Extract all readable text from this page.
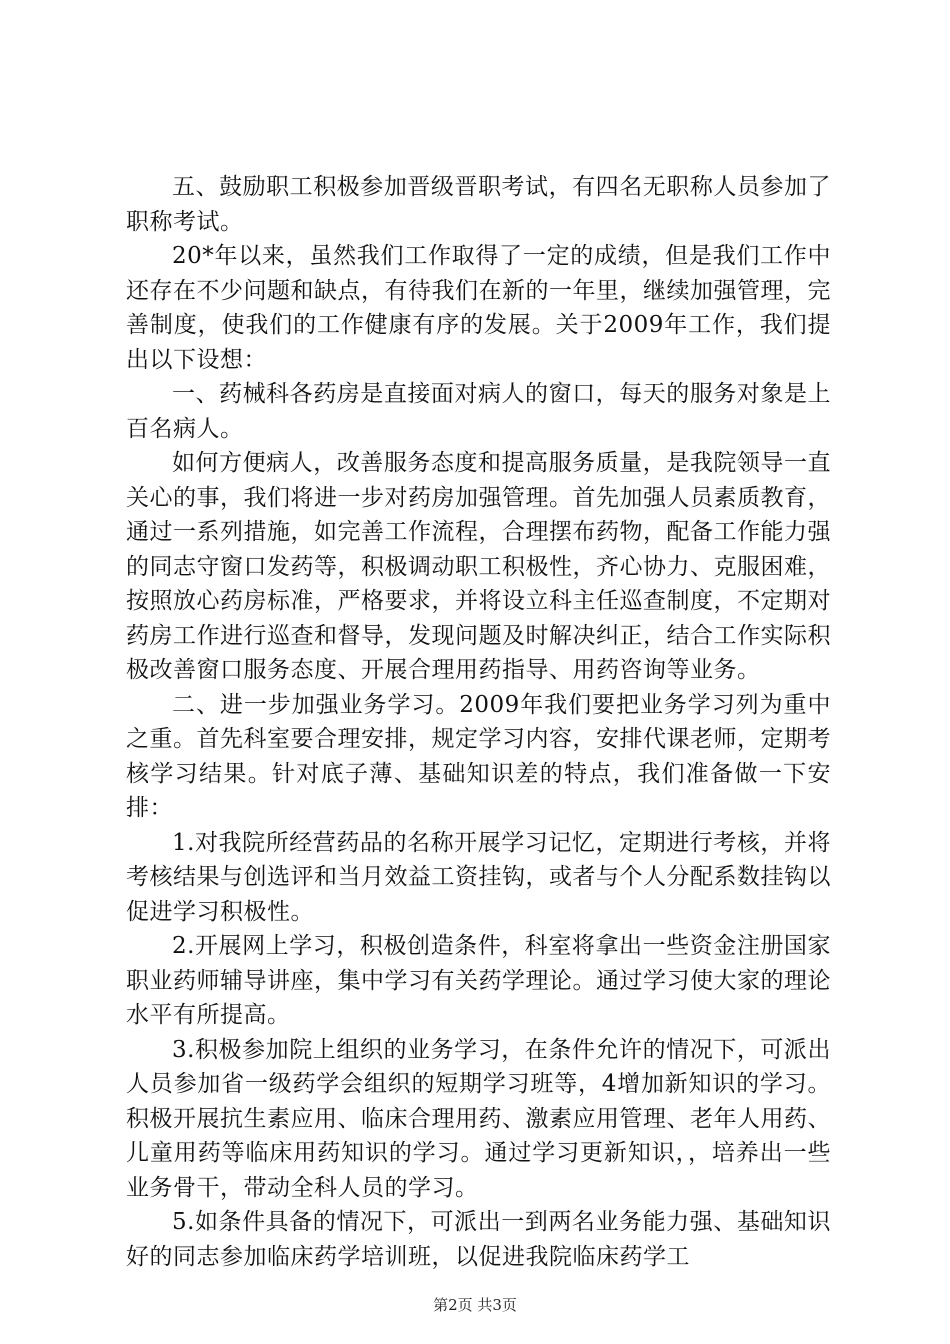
五、鼓励职工积极参加晋级晋职考试，有四名无职称人员参加了职称考试。

20*年以来，虽然我们工作取得了一定的成绩，但是我们工作中还存在不少问题和缺点，有待我们在新的一年里，继续加强管理，完善制度，使我们的工作健康有序的发展。关于2009年工作，我们提出以下设想：

一、药械科各药房是直接面对病人的窗口，每天的服务对象是上百名病人。

如何方便病人，改善服务态度和提高服务质量，是我院领导一直关心的事，我们将进一步对药房加强管理。首先加强人员素质教育，通过一系列措施，如完善工作流程，合理摆布药物，配备工作能力强的同志守窗口发药等，积极调动职工积极性，齐心协力、克服困难，按照放心药房标准，严格要求，并将设立科主任巡查制度，不定期对药房工作进行巡查和督导，发现问题及时解决纠正，结合工作实际积极改善窗口服务态度、开展合理用药指导、用药咨询等业务。

二、进一步加强业务学习。2009年我们要把业务学习列为重中之重。首先科室要合理安排，规定学习内容，安排代课老师，定期考核学习结果。针对底子薄、基础知识差的特点，我们准备做一下安排：

1.对我院所经营药品的名称开展学习记忆，定期进行考核，并将考核结果与创选评和当月效益工资挂钩，或者与个人分配系数挂钩以促进学习积极性。

2.开展网上学习，积极创造条件，科室将拿出一些资金注册国家职业药师辅导讲座，集中学习有关药学理论。通过学习使大家的理论水平有所提高。

3.积极参加院上组织的业务学习，在条件允许的情况下，可派出人员参加省一级药学会组织的短期学习班等，4增加新知识的学习。积极开展抗生素应用、临床合理用药、激素应用管理、老年人用药、儿童用药等临床用药知识的学习。通过学习更新知识，，培养出一些业务骨干，带动全科人员的学习。

5.如条件具备的情况下，可派出一到两名业务能力强、基础知识好的同志参加临床药学培训班，以促进我院临床药学工

第2页 共3页
